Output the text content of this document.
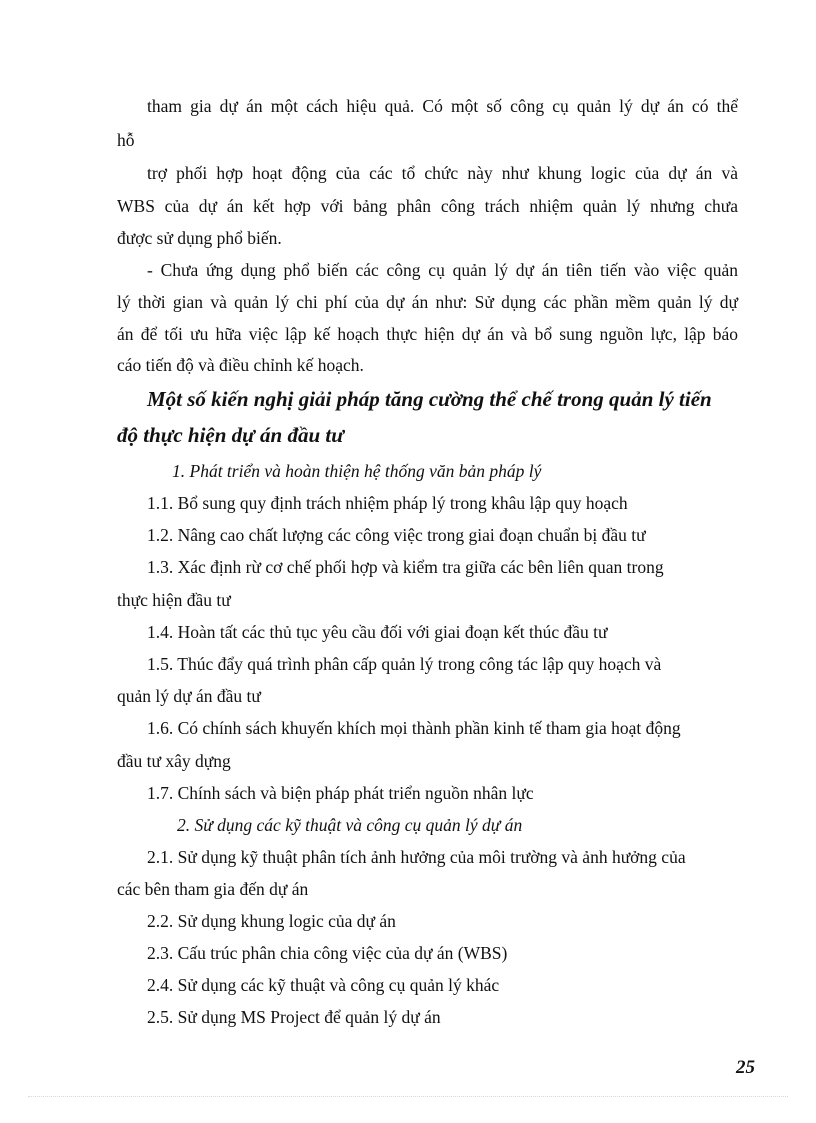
tham gia dự án một cách hiệu quả. Có một số công cụ quản lý dự án có thể
hỗ
trợ phối hợp hoạt động của các tổ chức này như khung logic của dự án và
WBS của dự án kết hợp với bảng phân công trách nhiệm quản lý nhưng chưa
được sử dụng phổ biến.
- Chưa ứng dụng phổ biến các công cụ quản lý dự án tiên tiến vào việc quản
lý thời gian và quản lý chi phí của dự án như: Sử dụng các phần mềm quản lý dự
án để tối ưu hữa việc lập kế hoạch thực hiện dự án và bổ sung nguồn lực, lập báo
cáo tiến độ và điều chỉnh kế hoạch.
Một số kiến nghị giải pháp tăng cường thể chế trong quản lý tiến
độ thực hiện dự án đầu tư
1. Phát triển và hoàn thiện hệ thống văn bản pháp lý
1.1. Bổ sung quy định trách nhiệm pháp lý trong khâu lập quy hoạch
1.2. Nâng cao chất lượng các công việc trong giai đoạn chuẩn bị đầu tư
1.3. Xác định rừ cơ chế phối hợp và kiểm tra giữa các bên liên quan trong
thực hiện đầu tư
1.4. Hoàn tất các thủ tục yêu cầu đối với giai đoạn kết thúc đầu tư
1.5. Thúc đẩy quá trình phân cấp quản lý trong công tác lập quy hoạch và
quản lý dự án đầu tư
1.6. Có chính sách khuyến khích mọi thành phần kinh tế tham gia hoạt động
đầu tư xây dựng
1.7. Chính sách và biện pháp phát triển nguồn nhân lực
2. Sử dụng các kỹ thuật và công cụ quản lý dự án
2.1. Sử dụng kỹ thuật phân tích ảnh hưởng của môi trường và ảnh hưởng của
các bên tham gia đến dự án
2.2. Sử dụng khung logic của dự án
2.3. Cấu trúc phân chia công việc của dự án (WBS)
2.4. Sử dụng các kỹ thuật và công cụ quản lý khác
2.5. Sử dụng MS Project để quản lý dự án
25
